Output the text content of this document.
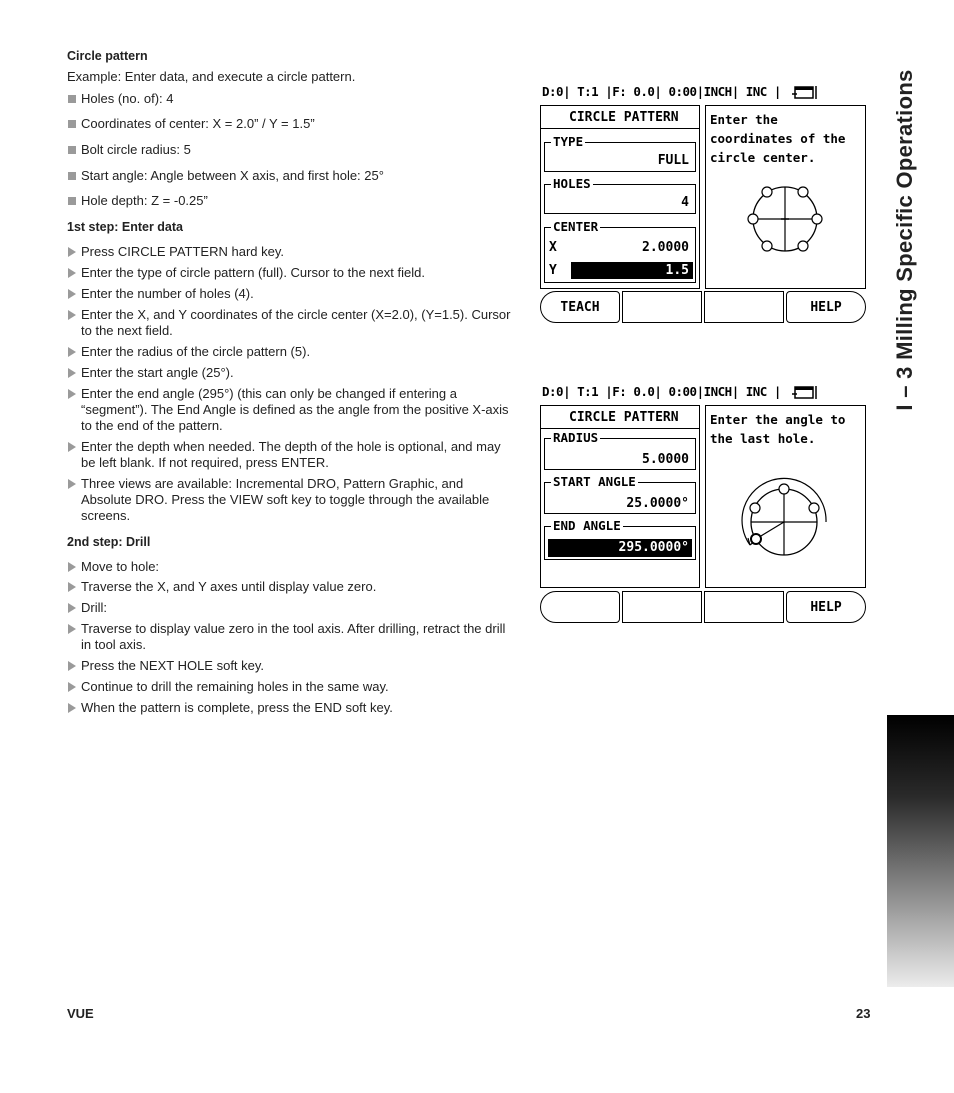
Circle pattern

Example: Enter data, and execute a circle pattern.

Holes (no. of): 4

Coordinates of center: X = 2.0” / Y = 1.5”

Bolt circle radius: 5

Start angle: Angle between X axis, and first hole: 25°

Hole depth: Z = -0.25”

1st step: Enter data

Press CIRCLE PATTERN hard key.

Enter the type of circle pattern (full). Cursor to the next field.

Enter the number of holes (4).

Enter the X, and Y coordinates of the circle center (X=2.0), (Y=1.5). Cursor to the next field.

Enter the radius of the circle pattern (5).

Enter the start angle (25°).

Enter the end angle (295°) (this can only be changed if entering a “segment”). The End Angle is defined as the angle from the positive X-axis to the end of the pattern.

Enter the depth when needed. The depth of the hole is optional, and may be left blank. If not required, press ENTER.

Three views are available: Incremental DRO, Pattern Graphic, and Absolute DRO. Press the VIEW soft key to toggle through the available screens.

2nd step: Drill

Move to hole:

Traverse the X, and Y axes until display value zero.

Drill:

Traverse to display value zero in the tool axis. After drilling, retract the drill in tool axis.

Press the NEXT HOLE soft key.

Continue to drill the remaining holes in the same way.

When the pattern is complete, press the END soft key.

I – 3 Milling Specific Operations
VUE	23
D:0| T:1 |F: 0.0| 0:00|INCH| INC |
CIRCLE PATTERN
TYPE
FULL
HOLES
4
CENTER
X	2.0000
Y	1.5
Enter the coordinates of the circle center.
TEACH	HELP
D:0| T:1 |F: 0.0| 0:00|INCH| INC |
CIRCLE PATTERN
RADIUS
5.0000
START ANGLE
25.0000°
END ANGLE
295.0000°
Enter the angle to the last hole.
HELP
